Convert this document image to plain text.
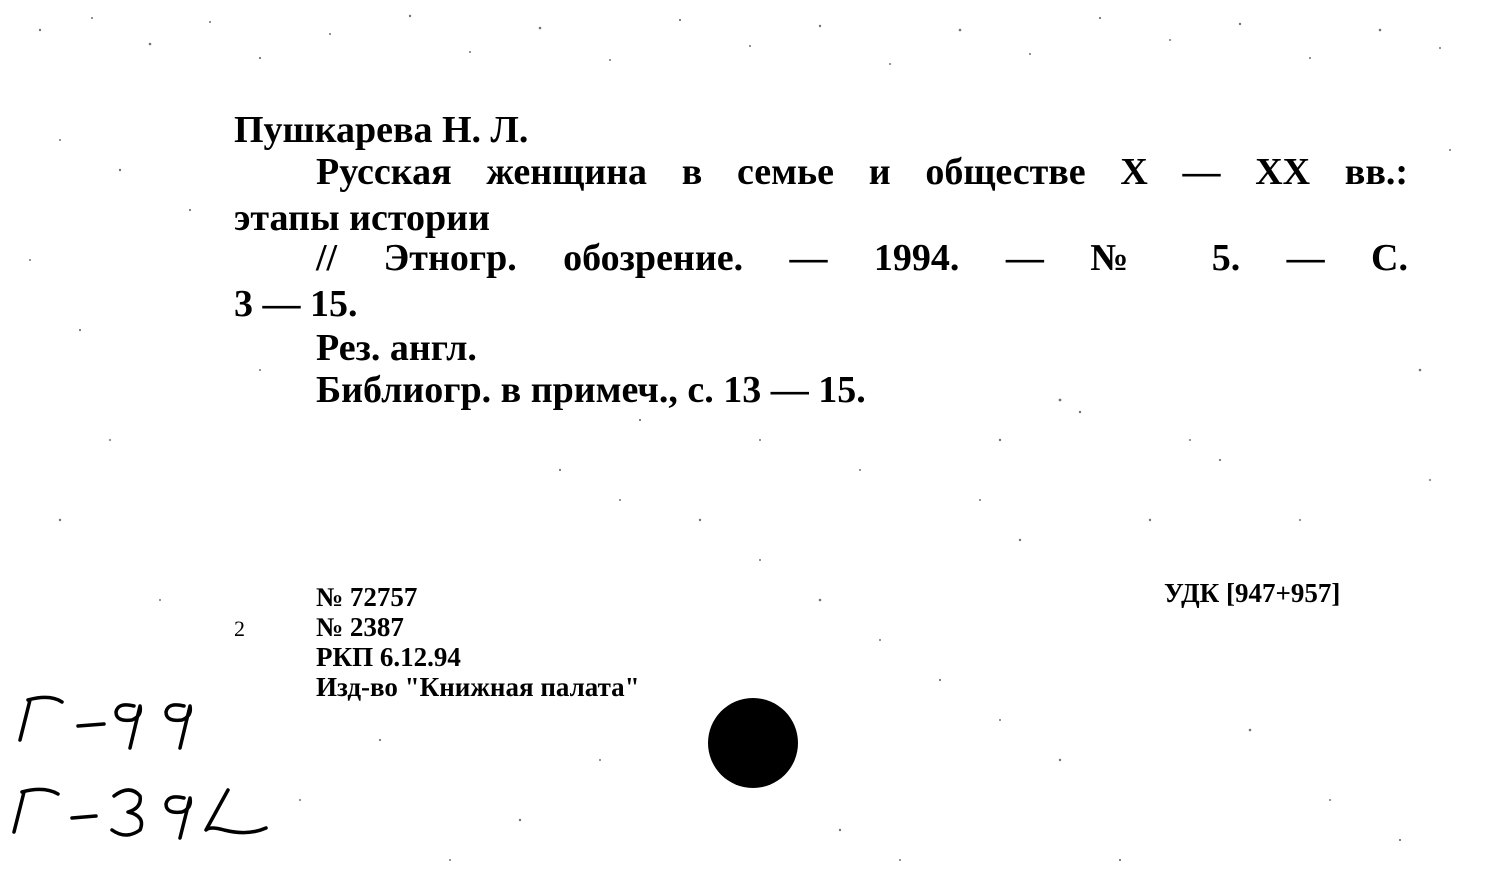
Пушкарева Н. Л.
Русская женщина в семье и обществе X — XX вв.:
этапы истории
// Этногр. обозрение. — 1994. — № 5. — С.
3 — 15.
Рез. англ.
Библиогр. в примеч., с. 13 — 15.
2
№ 72757
№ 2387
РКП 6.12.94
Изд-во "Книжная палата"
УДК [947+957]
